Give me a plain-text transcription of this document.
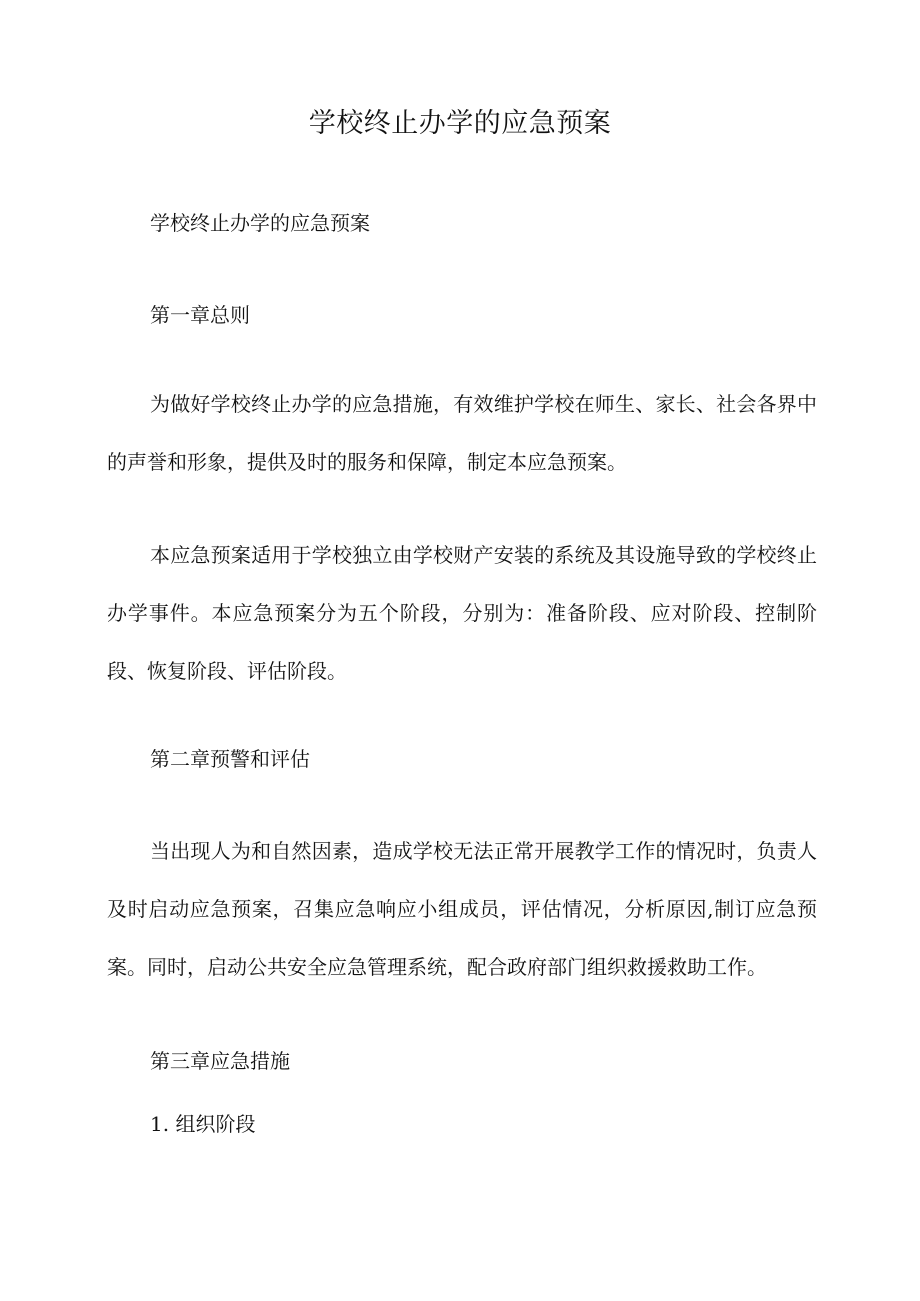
学校终止办学的应急预案

学校终止办学的应急预案

第一章总则

为做好学校终止办学的应急措施，有效维护学校在师生、家长、社会各界中的声誉和形象，提供及时的服务和保障，制定本应急预案。

本应急预案适用于学校独立由学校财产安装的系统及其设施导致的学校终止办学事件。本应急预案分为五个阶段，分别为：准备阶段、应对阶段、控制阶段、恢复阶段、评估阶段。

第二章预警和评估

当出现人为和自然因素，造成学校无法正常开展教学工作的情况时，负责人及时启动应急预案，召集应急响应小组成员，评估情况，分析原因,制订应急预案。同时，启动公共安全应急管理系统，配合政府部门组织救援救助工作。

第三章应急措施

1. 组织阶段
